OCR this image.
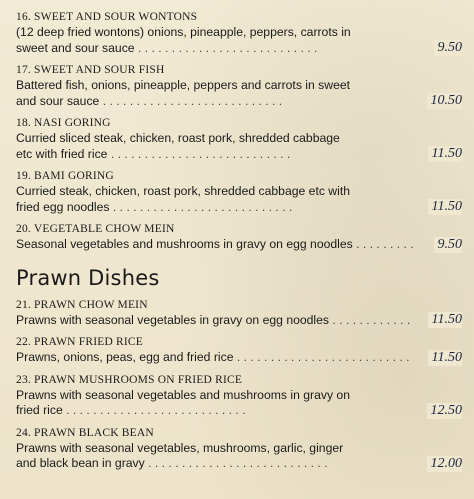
16. SWEET AND SOUR WONTONS

(12 deep fried wontons) onions, pineapple, peppers, carrots in
sweet and sour sauce . . .	9.50

17. SWEET AND SOUR FISH

Battered fish, onions, pineapple, peppers and carrots in sweet
and sour sauce . . .	10.50

18. NASI GORING

Curried sliced steak, chicken, roast pork, shredded cabbage
etc with fried rice . . .	11.50

19. BAMI GORING

Curried steak, chicken, roast pork, shredded cabbage etc with
fried egg noodles . . .	11.50

20. VEGETABLE CHOW MEIN

Seasonal vegetables and mushrooms in gravy on egg noodles . . .	9.50
Prawn Dishes

21. PRAWN CHOW MEIN

Prawns with seasonal vegetables in gravy on egg noodles . . .	11.50

22. PRAWN FRIED RICE

Prawns, onions, peas, egg and fried rice . . .	11.50

23. PRAWN MUSHROOMS ON FRIED RICE

Prawns with seasonal vegetables and mushrooms in gravy on
fried rice . . .	12.50

24. PRAWN BLACK BEAN

Prawns with seasonal vegetables, mushrooms, garlic, ginger
and black bean in gravy . . .	12.00
